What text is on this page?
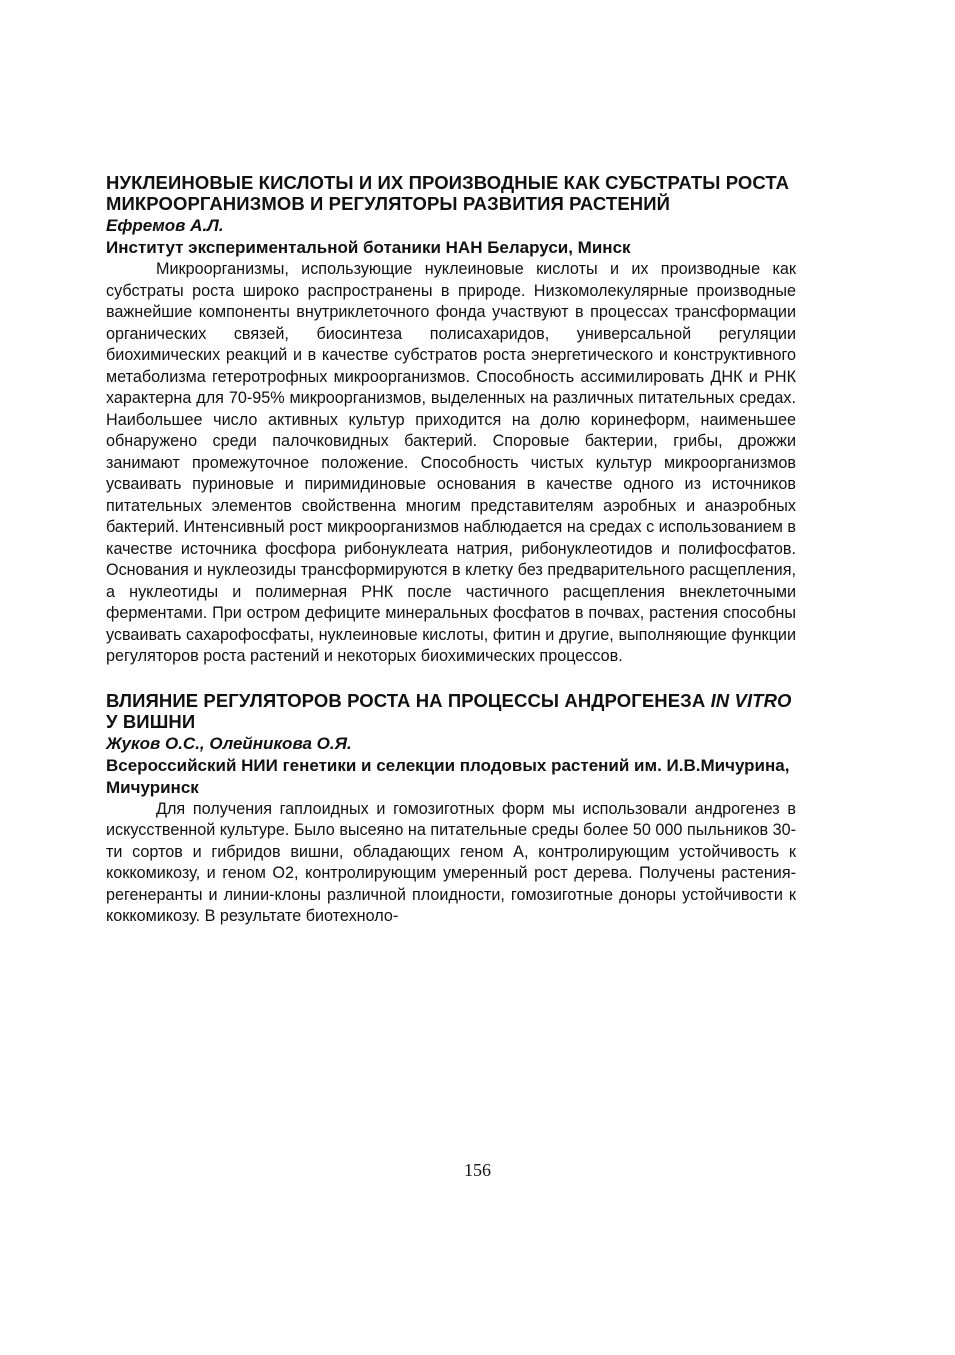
НУКЛЕИНОВЫЕ КИСЛОТЫ И ИХ ПРОИЗВОДНЫЕ КАК СУБСТРАТЫ РОСТА МИКРООРГАНИЗМОВ И РЕГУЛЯТОРЫ РАЗВИТИЯ РАСТЕНИЙ

Ефремов А.Л.

Институт экспериментальной ботаники НАН Беларуси, Минск

Микроорганизмы, использующие нуклеиновые кислоты и их производные как субстраты роста широко распространены в природе. Низкомолекулярные производные важнейшие компоненты внутриклеточного фонда участвуют в процессах трансформации органических связей, биосинтеза полисахаридов, универсальной регуляции биохимических реакций и в качестве субстратов роста энергетического и конструктивного метаболизма гетеротрофных микроорганизмов. Способность ассимилировать ДНК и РНК характерна для 70-95% микроорганизмов, выделенных на различных питательных средах. Наибольшее число активных культур приходится на долю коринеформ, наименьшее обнаружено среди палочковидных бактерий. Споровые бактерии, грибы, дрожжи занимают промежуточное положение. Способность чистых культур микроорганизмов усваивать пуриновые и пиримидиновые основания в качестве одного из источников питательных элементов свойственна многим представителям аэробных и анаэробных бактерий. Интенсивный рост микроорганизмов наблюдается на средах с использованием в качестве источника фосфора рибонуклеата натрия, рибонуклеотидов и полифосфатов. Основания и нуклеозиды трансформируются в клетку без предварительного расщепления, а нуклеотиды и полимерная РНК после частичного расщепления внеклеточными ферментами. При остром дефиците минеральных фосфатов в почвах, растения способны усваивать сахарофосфаты, нуклеиновые кислоты, фитин и другие, выполняющие функции регуляторов роста растений и некоторых биохимических процессов.

ВЛИЯНИЕ РЕГУЛЯТОРОВ РОСТА НА ПРОЦЕССЫ АНДРОГЕНЕЗА IN VITRO У ВИШНИ

Жуков О.С., Олейникова О.Я.

Всероссийский НИИ генетики и селекции плодовых растений им. И.В.Мичурина, Мичуринск

Для получения гаплоидных и гомозиготных форм мы использовали андрогенез в искусственной культуре. Было высеяно на питательные среды более 50 000 пыльников 30-ти сортов и гибридов вишни, обладающих геном А, контролирующим устойчивость к коккомикозу, и геном О2, контролирующим умеренный рост дерева. Получены растения-регенеранты и линии-клоны различной плоидности, гомозиготные доноры устойчивости к коккомикозу. В результате биотехноло-

156
